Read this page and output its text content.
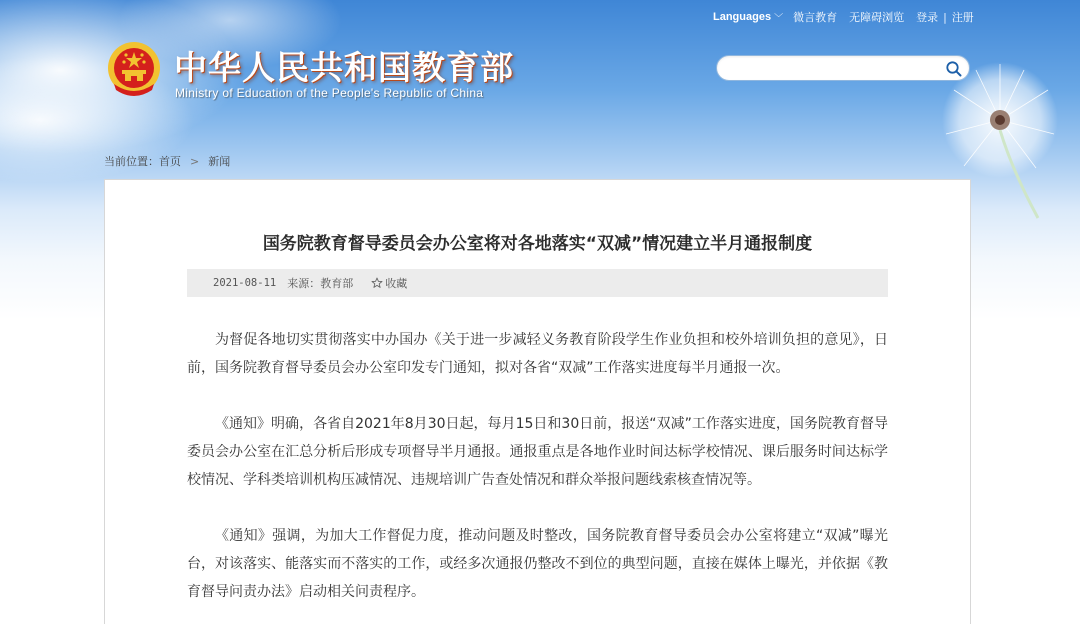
Languages ﹀ 微言教育 无障碍浏览 登录 | 注册
中华人民共和国教育部
Ministry of Education of the People's Republic of China
当前位置：首页 > 新闻
国务院教育督导委员会办公室将对各地落实“双减”情况建立半月通报制度
2021-08-11 来源：教育部	收藏

为督促各地切实贯彻落实中办国办《关于进一步减轻义务教育阶段学生作业负担和校外培训负担的意见》，日前，国务院教育督导委员会办公室印发专门通知，拟对各省“双减”工作落实进度每半月通报一次。

《通知》明确，各省自2021年8月30日起，每月15日和30日前，报送“双减”工作落实进度，国务院教育督导委员会办公室在汇总分析后形成专项督导半月通报。通报重点是各地作业时间达标学校情况、课后服务时间达标学校情况、学科类培训机构压减情况、违规培训广告查处情况和群众举报问题线索核查情况等。

《通知》强调，为加大工作督促力度，推动问题及时整改，国务院教育督导委员会办公室将建立“双减”曝光台，对该落实、能落实而不落实的工作，或经多次通报仍整改不到位的典型问题，直接在媒体上曝光，并依据《教育督导问责办法》启动相关问责程序。
